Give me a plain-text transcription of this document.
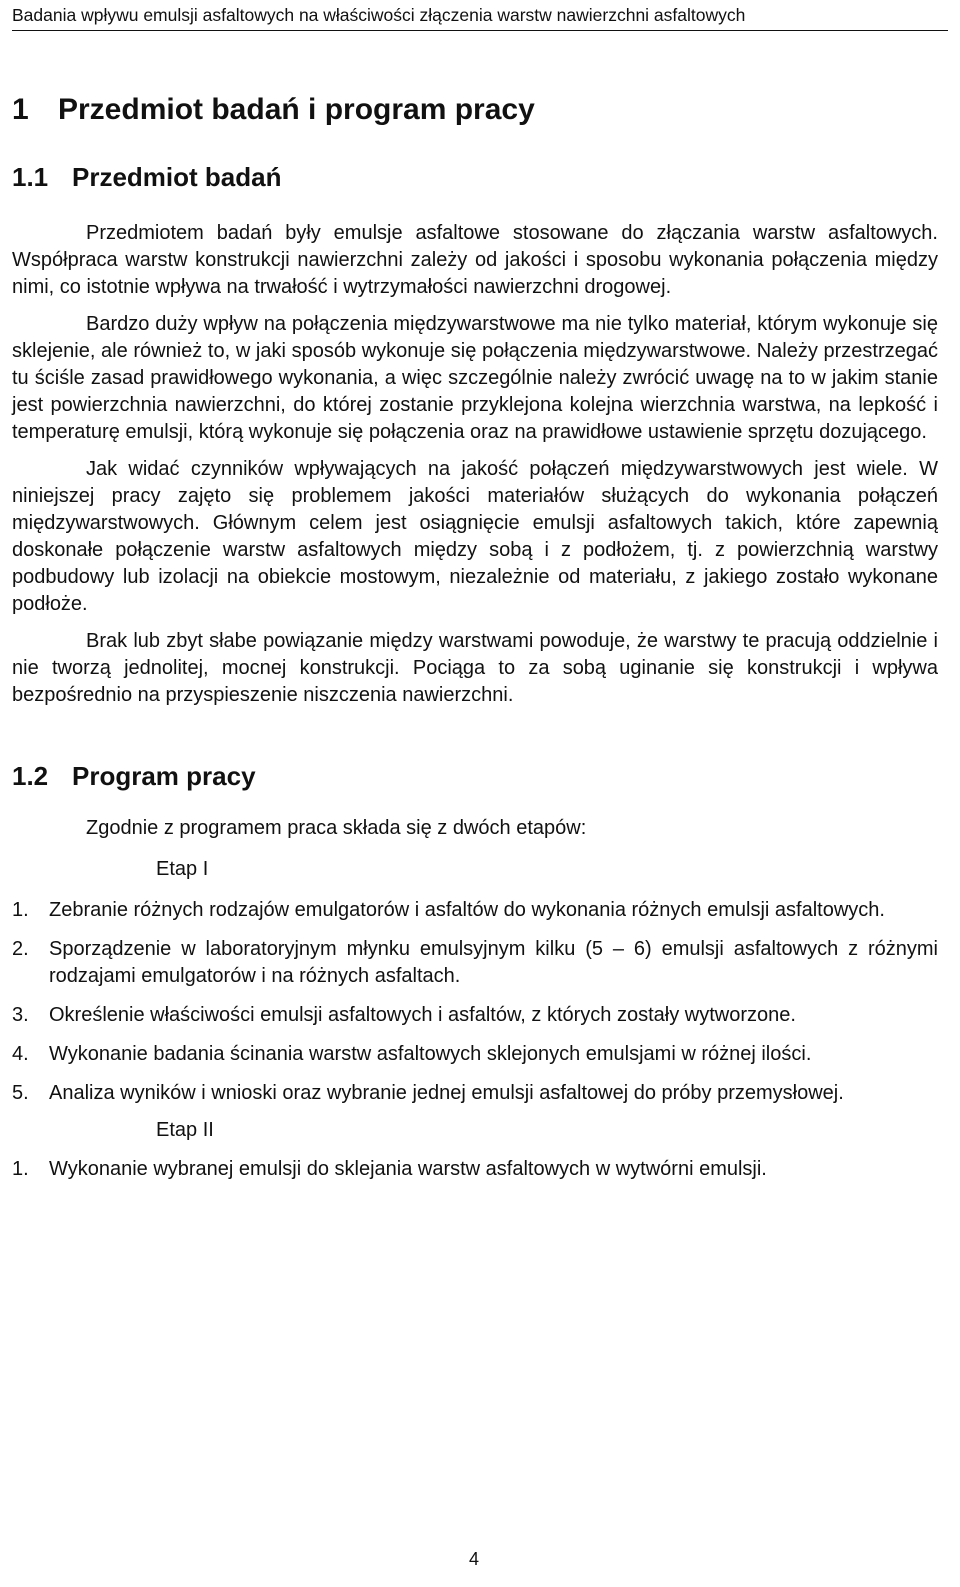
Badania wpływu emulsji asfaltowych na właściwości złączenia warstw nawierzchni asfaltowych
1 Przedmiot badań i program pracy
1.1 Przedmiot badań

Przedmiotem badań były emulsje asfaltowe stosowane do złączania warstw asfaltowych. Współpraca warstw konstrukcji nawierzchni zależy od jakości i sposobu wykonania połączenia między nimi, co istotnie wpływa na trwałość i wytrzymałości nawierzchni drogowej.

Bardzo duży wpływ na połączenia międzywarstwowe ma nie tylko materiał, którym wykonuje się sklejenie, ale również to, w jaki sposób wykonuje się połączenia międzywarstwowe. Należy przestrzegać tu ściśle zasad prawidłowego wykonania, a więc szczególnie należy zwrócić uwagę na to w jakim stanie jest powierzchnia nawierzchni, do której zostanie przyklejona kolejna wierzchnia warstwa, na lepkość i temperaturę emulsji, którą wykonuje się połączenia oraz na prawidłowe ustawienie sprzętu dozującego.

Jak widać czynników wpływających na jakość połączeń międzywarstwowych jest wiele. W niniejszej pracy zajęto się problemem jakości materiałów służących do wykonania połączeń międzywarstwowych. Głównym celem jest osiągnięcie emulsji asfaltowych takich, które zapewnią doskonałe połączenie warstw asfaltowych między sobą i z podłożem, tj. z powierzchnią warstwy podbudowy lub izolacji na obiekcie mostowym, niezależnie od materiału, z jakiego zostało wykonane podłoże.

Brak lub zbyt słabe powiązanie między warstwami powoduje, że warstwy te pracują oddzielnie i nie tworzą jednolitej, mocnej konstrukcji. Pociąga to za sobą uginanie się konstrukcji i wpływa bezpośrednio na przyspieszenie niszczenia nawierzchni.

1.2 Program pracy

Zgodnie z programem praca składa się z dwóch etapów:

Etap I

1. Zebranie różnych rodzajów emulgatorów i asfaltów do wykonania różnych emulsji asfaltowych.
2. Sporządzenie w laboratoryjnym młynku emulsyjnym kilku (5 – 6) emulsji asfaltowych z różnymi rodzajami emulgatorów i na różnych asfaltach.
3. Określenie właściwości emulsji asfaltowych i asfaltów, z których zostały wytworzone.
4. Wykonanie badania ścinania warstw asfaltowych sklejonych emulsjami w różnej ilości.
5. Analiza wyników i wnioski oraz wybranie jednej emulsji asfaltowej do próby przemysłowej.

Etap II

1. Wykonanie wybranej emulsji do sklejania warstw asfaltowych w wytwórni emulsji.
4
